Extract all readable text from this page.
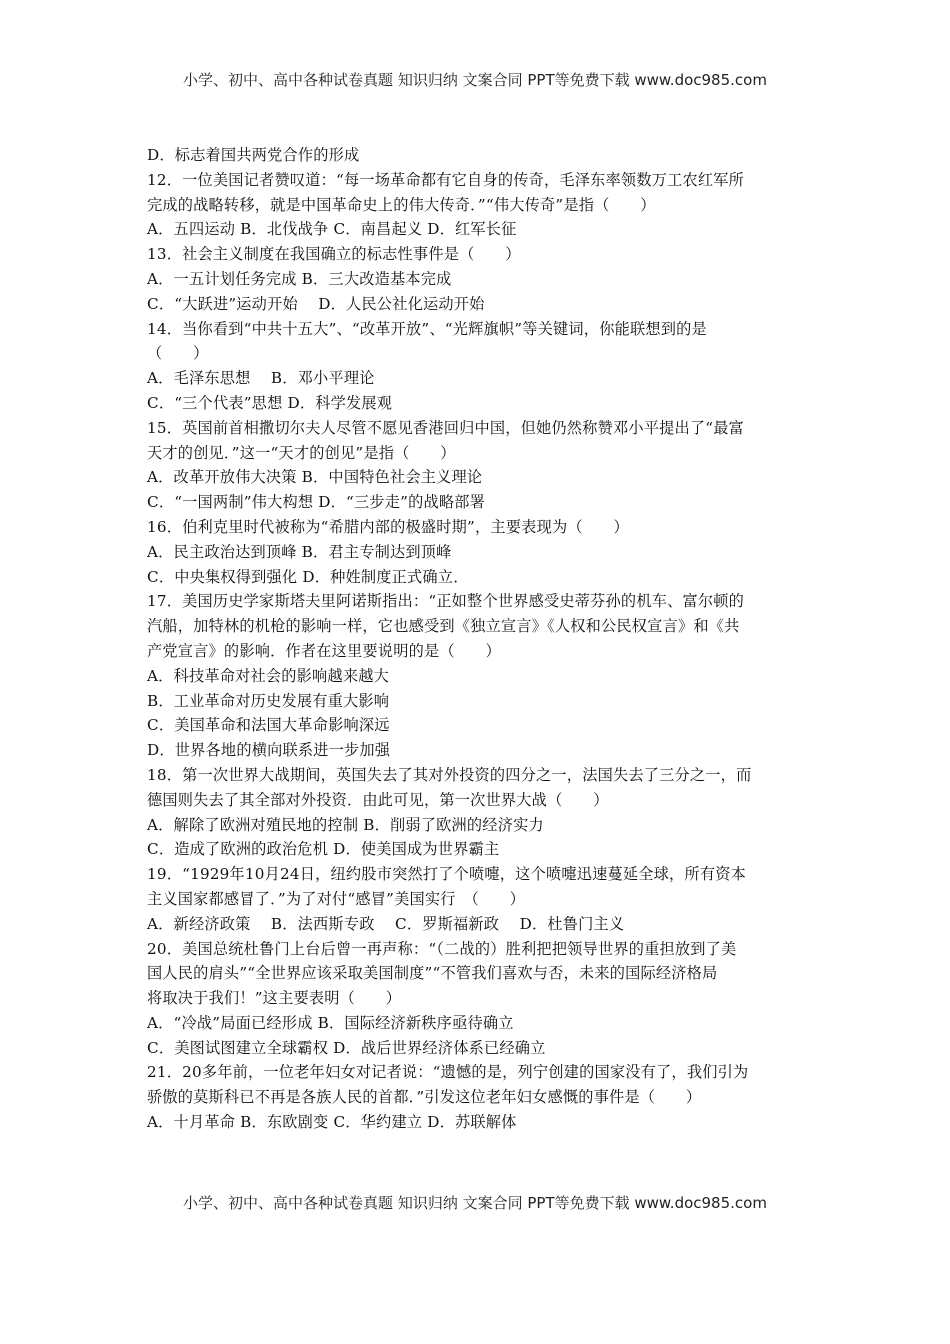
小学、初中、高中各种试卷真题 知识归纳 文案合同 PPT等免费下载 www.doc985.com
D．标志着国共两党合作的形成
12．一位美国记者赞叹道：“每一场革命都有它自身的传奇，毛泽东率领数万工农红军所
完成的战略转移，就是中国革命史上的伟大传奇．”“伟大传奇”是指（　　）
A．五四运动 B．北伐战争 C．南昌起义 D．红军长征
13．社会主义制度在我国确立的标志性事件是（　　）
A．一五计划任务完成 B．三大改造基本完成
C．“大跃进”运动开始　 D．人民公社化运动开始
14．当你看到“中共十五大”、“改革开放”、“光辉旗帜”等关键词，你能联想到的是
（　　）
A．毛泽东思想　 B．邓小平理论
C．“三个代表”思想 D．科学发展观
15．英国前首相撒切尔夫人尽管不愿见香港回归中国，但她仍然称赞邓小平提出了“最富
天才的创见．”这一“天才的创见”是指（　　）
A．改革开放伟大决策 B．中国特色社会主义理论
C．“一国两制”伟大构想 D．“三步走”的战略部署
16．伯利克里时代被称为“希腊内部的极盛时期”，主要表现为（　　）
A．民主政治达到顶峰 B．君主专制达到顶峰
C．中央集权得到强化 D．种姓制度正式确立．
17．美国历史学家斯塔夫里阿诺斯指出：“正如整个世界感受史蒂芬孙的机车、富尔顿的
汽船，加特林的机枪的影响一样，它也感受到《独立宣言》《人权和公民权宣言》和《共
产党宣言》的影响．作者在这里要说明的是（　　）
A．科技革命对社会的影响越来越大
B．工业革命对历史发展有重大影响
C．美国革命和法国大革命影响深远
D．世界各地的横向联系进一步加强
18．第一次世界大战期间，英国失去了其对外投资的四分之一，法国失去了三分之一，而
德国则失去了其全部对外投资．由此可见，第一次世界大战（　　）
A．解除了欧洲对殖民地的控制 B．削弱了欧洲的经济实力
C．造成了欧洲的政治危机 D．使美国成为世界霸主
19．“1929年10月24日，纽约股市突然打了个喷嚏，这个喷嚏迅速蔓延全球，所有资本
主义国家都感冒了．”为了对付“感冒”美国实行　（　　）
A．新经济政策　 B．法西斯专政　 C．罗斯福新政　 D．杜鲁门主义
20．美国总统杜鲁门上台后曾一再声称：“（二战的）胜利把把领导世界的重担放到了美
国人民的肩头”“全世界应该采取美国制度”“不管我们喜欢与否，未来的国际经济格局
将取决于我们！”这主要表明（　　）
A．“冷战”局面已经形成 B．国际经济新秩序亟待确立
C．美图试图建立全球霸权 D．战后世界经济体系已经确立
21．20多年前，一位老年妇女对记者说：“遗憾的是，列宁创建的国家没有了，我们引为
骄傲的莫斯科已不再是各族人民的首都．”引发这位老年妇女感慨的事件是（　　）
A．十月革命 B．东欧剧变 C．华约建立 D．苏联解体
小学、初中、高中各种试卷真题 知识归纳 文案合同 PPT等免费下载 www.doc985.com
